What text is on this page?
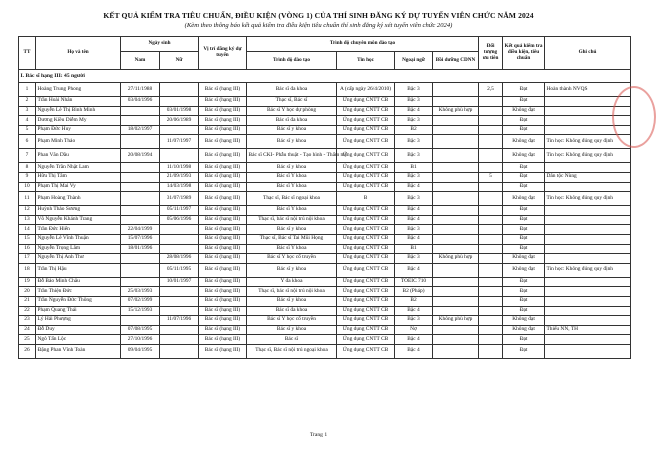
KẾT QUẢ KIỂM TRA TIÊU CHUẨN, ĐIỀU KIỆN (VÒNG 1) CỦA THÍ SINH ĐĂNG KÝ DỰ TUYỂN VIÊN CHỨC NĂM 2024
(Kèm theo thông báo kết quả kiểm tra điều kiện tiêu chuẩn thí sinh đăng ký xét tuyển viên chức 2024)
TT	Họ và tên	Ngày sinh		Vị trí đăng ký dự tuyển	Trình độ chuyên môn đào tạo				Đối tượng ưu tiên	Kết quả kiểm tra điều kiện, tiêu chuẩn	Ghi chú
		Nam	Nữ		Trình độ đào tạo	Tin học	Ngoại ngữ	Bồi dưỡng CDNN			
I. Bác sĩ hạng III: 45 người											
1	Hoàng Trung Phong	27/11/1988		Bác sĩ (hạng III)	Bác sĩ đa khoa	A (cấp ngày 26/4/2010)	Bậc 3		2,5	Đạt	Hoàn thành NVQS
2	Trần Hoài Nhân	03/04/1996		Bác sĩ (hạng III)	Thạc sĩ, Bác sĩ	Ứng dụng CNTT CB	Bậc 3			Đạt	
3	Nguyễn Lê Thị Bình Minh		03/01/1998	Bác sĩ (hạng III)	Bác sĩ Y học dự phòng	Ứng dụng CNTT CB	Bậc 4	Không phù hợp		Không đạt	
4	Dương Kiều Diễm My		20/06/1989	Bác sĩ (hạng III)	Bác sĩ đa khoa	Ứng dụng CNTT CB	Bậc 3			Đạt	
5	Phạm Đức Huy	18/02/1997		Bác sĩ (hạng III)	Bác sĩ y khoa	Ứng dụng CNTT CB	B2			Đạt	
6	Phạm Minh Thảo		11/07/1997	Bác sĩ (hạng III)	Bác sĩ y khoa	Ứng dụng CNTT CB	Bậc 3			Không đạt	Tin học: Không đúng quy định
7	Phan Văn Dầu	20/08/1994		Bác sĩ (hạng III)	Bác sĩ CKI- Phẫu thuật - Tạo hình - Thẩm mỹ	Ứng dụng CNTT CB	Bậc 3			Không đạt	Tin học: Không đúng quy định
8	Nguyễn Trần Nhật Lam		11/10/1998	Bác sĩ (hạng III)	Bác sĩ y khoa	Ứng dụng CNTT CB	B1			Đạt	
9	Hữu Thị Tâm		21/09/1993	Bác sĩ (hạng III)	Bác sĩ Y khoa	Ứng dụng CNTT CB	Bậc 3		5	Đạt	Dân tộc Nùng
10	Phạm Thị Mai Vy		14/03/1998	Bác sĩ (hạng III)	Bác sĩ Y khoa	Ứng dụng CNTT CB	Bậc 4			Đạt	
11	Phạm Hoàng Thành		31/07/1989	Bác sĩ (hạng III)	Thạc sĩ, Bác sĩ ngoại khoa	B	Bậc 3			Không đạt	Tin học: Không đúng quy định
12	Huỳnh Thảo Sương		05/11/1997	Bác sĩ (hạng III)	Bác sĩ Y khoa	Ứng dụng CNTT CB	Bậc 4			Đạt	
13	Võ Nguyễn Khánh Trang		05/06/1996	Bác sĩ (hạng III)	Thạc sĩ, bác sĩ nội trú nội khoa	Ứng dụng CNTT CB	Bậc 4			Đạt	
14	Trần Đức Hiển	22/04/1999		Bác sĩ (hạng III)	Bác sĩ y khoa	Ứng dụng CNTT CB	Bậc 3			Đạt	
15	Nguyễn Lê Vĩnh Thuận	15/07/1996		Bác sĩ (hạng III)	Thạc sĩ, Bác sĩ Tai Mũi Họng	Ứng dụng CNTT CB	Bậc 4			Đạt	
16	Nguyễn Trọng Lâm	18/01/1996		Bác sĩ (hạng III)	Bác sĩ Y khoa	Ứng dụng CNTT CB	B1			Đạt	
17	Nguyễn Thị Anh Thư		28/08/1996	Bác sĩ (hạng III)	Bác sĩ Y học cổ truyền	Ứng dụng CNTT CB	Bậc 3	Không phù hợp		Không đạt	
18	Trần Thị Hậu		05/11/1995	Bác sĩ (hạng III)	Bác sĩ y khoa	Ứng dụng CNTT CB	Bậc 4			Không đạt	Tin học: Không đúng quy định
19	Đỗ Bảo Minh Châu		10/01/1997	Bác sĩ (hạng III)	Y đa khoa	Ứng dụng CNTT CB	TOEIC 710			Đạt	
20	Trần Thiện Đức	25/03/1993		Bác sĩ (hạng III)	Thạc sĩ, bác sĩ nội trú nội khoa	Ứng dụng CNTT CB	B2 (Pháp)			Đạt	
21	Trần Nguyễn Đức Thông	07/02/1999		Bác sĩ (hạng III)	Bác sĩ y khoa	Ứng dụng CNTT CB	B2			Đạt	
22	Phạm Quang Thái	15/12/1993		Bác sĩ (hạng III)	Bác sĩ đa khoa	Ứng dụng CNTT CB	Bậc 4			Đạt	
23	Lý Hải Phượng		11/07/1996	Bác sĩ (hạng III)	Bác sĩ Y học cổ truyền	Ứng dụng CNTT CB	Bậc 3	Không phù hợp		Không đạt	
24	Đỗ Duy	07/08/1995		Bác sĩ (hạng III)	Bác sĩ y khoa	Ứng dụng CNTT CB	Nợ			Không đạt	Thiếu NN, TH
25	Ngô Tấn Lộc	27/10/1996		Bác sĩ (hạng III)	Bác sĩ	Ứng dụng CNTT CB	Bậc 4			Đạt	
26	Đặng Phan Vĩnh Toàn	09/04/1995		Bác sĩ (hạng III)	Thạc sĩ, Bác sĩ nội trú ngoại khoa	Ứng dụng CNTT CB	Bậc 4			Đạt	
Trang 1
